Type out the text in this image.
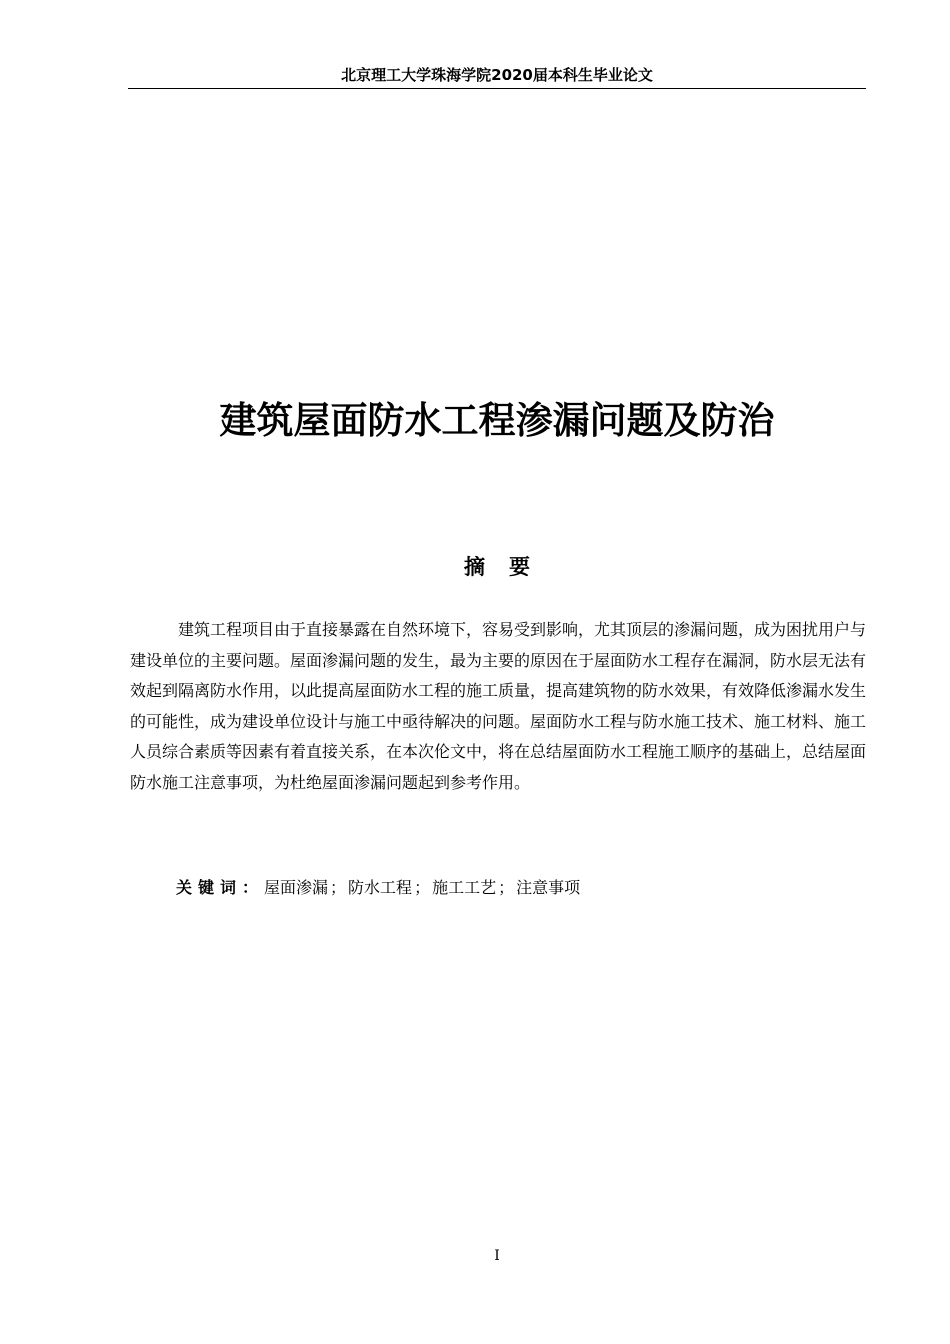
北京理工大学珠海学院2020届本科生毕业论文
建筑屋面防水工程渗漏问题及防治
摘 要

建筑工程项目由于直接暴露在自然环境下，容易受到影响，尤其顶层的渗漏问题，成为困扰用户与建设单位的主要问题。屋面渗漏问题的发生，最为主要的原因在于屋面防水工程存在漏洞，防水层无法有效起到隔离防水作用，以此提高屋面防水工程的施工质量，提高建筑物的防水效果，有效降低渗漏水发生的可能性，成为建设单位设计与施工中亟待解决的问题。屋面防水工程与防水施工技术、施工材料、施工人员综合素质等因素有着直接关系，在本次伦文中，将在总结屋面防水工程施工顺序的基础上，总结屋面防水施工注意事项，为杜绝屋面渗漏问题起到参考作用。

关键词：屋面渗漏 ； 防水工程 ； 施工工艺 ； 注意事项
I
